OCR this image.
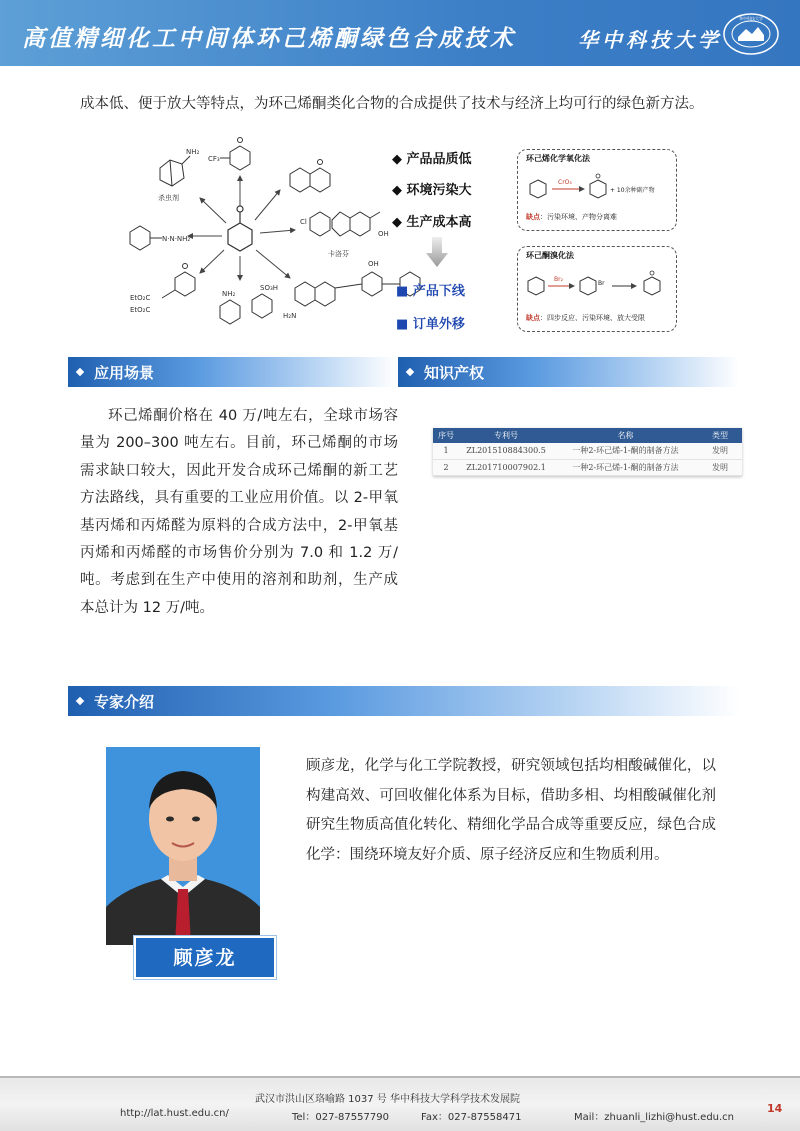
高值精细化工中间体环己烯酮绿色合成技术	华中科技大学
华中科技大学
成本低、便于放大等特点，为环己烯酮类化合物的合成提供了技术与经济上均可行的绿色新方法。
CF₃
NH₂
杀虫剂
N·N·NH₂
Cl
OH
卡洛芬
OH
H₂N
NH₂
SO₃H
EtO₂C
EtO₂C
◆ 产品品质低
◆ 环境污染大
◆ 生产成本高
■ 产品下线
■ 订单外移
环己烯化学氧化法
CrO₃
+ 10余种副产物
缺点：污染环境、产物分离难
环己酮溴化法
Br₂
Br
缺点：四步反应、污染环境、放大受限
应用场景	知识产权
环己烯酮价格在 40 万/吨左右，全球市场容量为 200–300 吨左右。目前，环己烯酮的市场需求缺口较大，因此开发合成环己烯酮的新工艺方法路线，具有重要的工业应用价值。以 2-甲氧基丙烯和丙烯醛为原料的合成方法中，2-甲氧基丙烯和丙烯醛的市场售价分别为 7.0 和 1.2 万/吨。考虑到在生产中使用的溶剂和助剂，生产成本总计为 12 万/吨。
序号	专利号	名称	类型
1	ZL201510884300.5	一种2-环己烯-1-酮的制备方法	发明
2	ZL201710007902.1	一种2-环己烯-1-酮的制备方法	发明
专家介绍
顾彦龙
顾彦龙，化学与化工学院教授，研究领域包括均相酸碱催化，以构建高效、可回收催化体系为目标，借助多相、均相酸碱催化剂研究生物质高值化转化、精细化学品合成等重要反应，绿色合成化学：围绕环境友好介质、原子经济反应和生物质利用。
武汉市洪山区珞喻路 1037 号 华中科技大学科学技术发展院
http://lat.hust.edu.cn/	Tel：027-87557790	Fax：027-87558471	Mail：zhuanli_lizhi@hust.edu.cn
14
